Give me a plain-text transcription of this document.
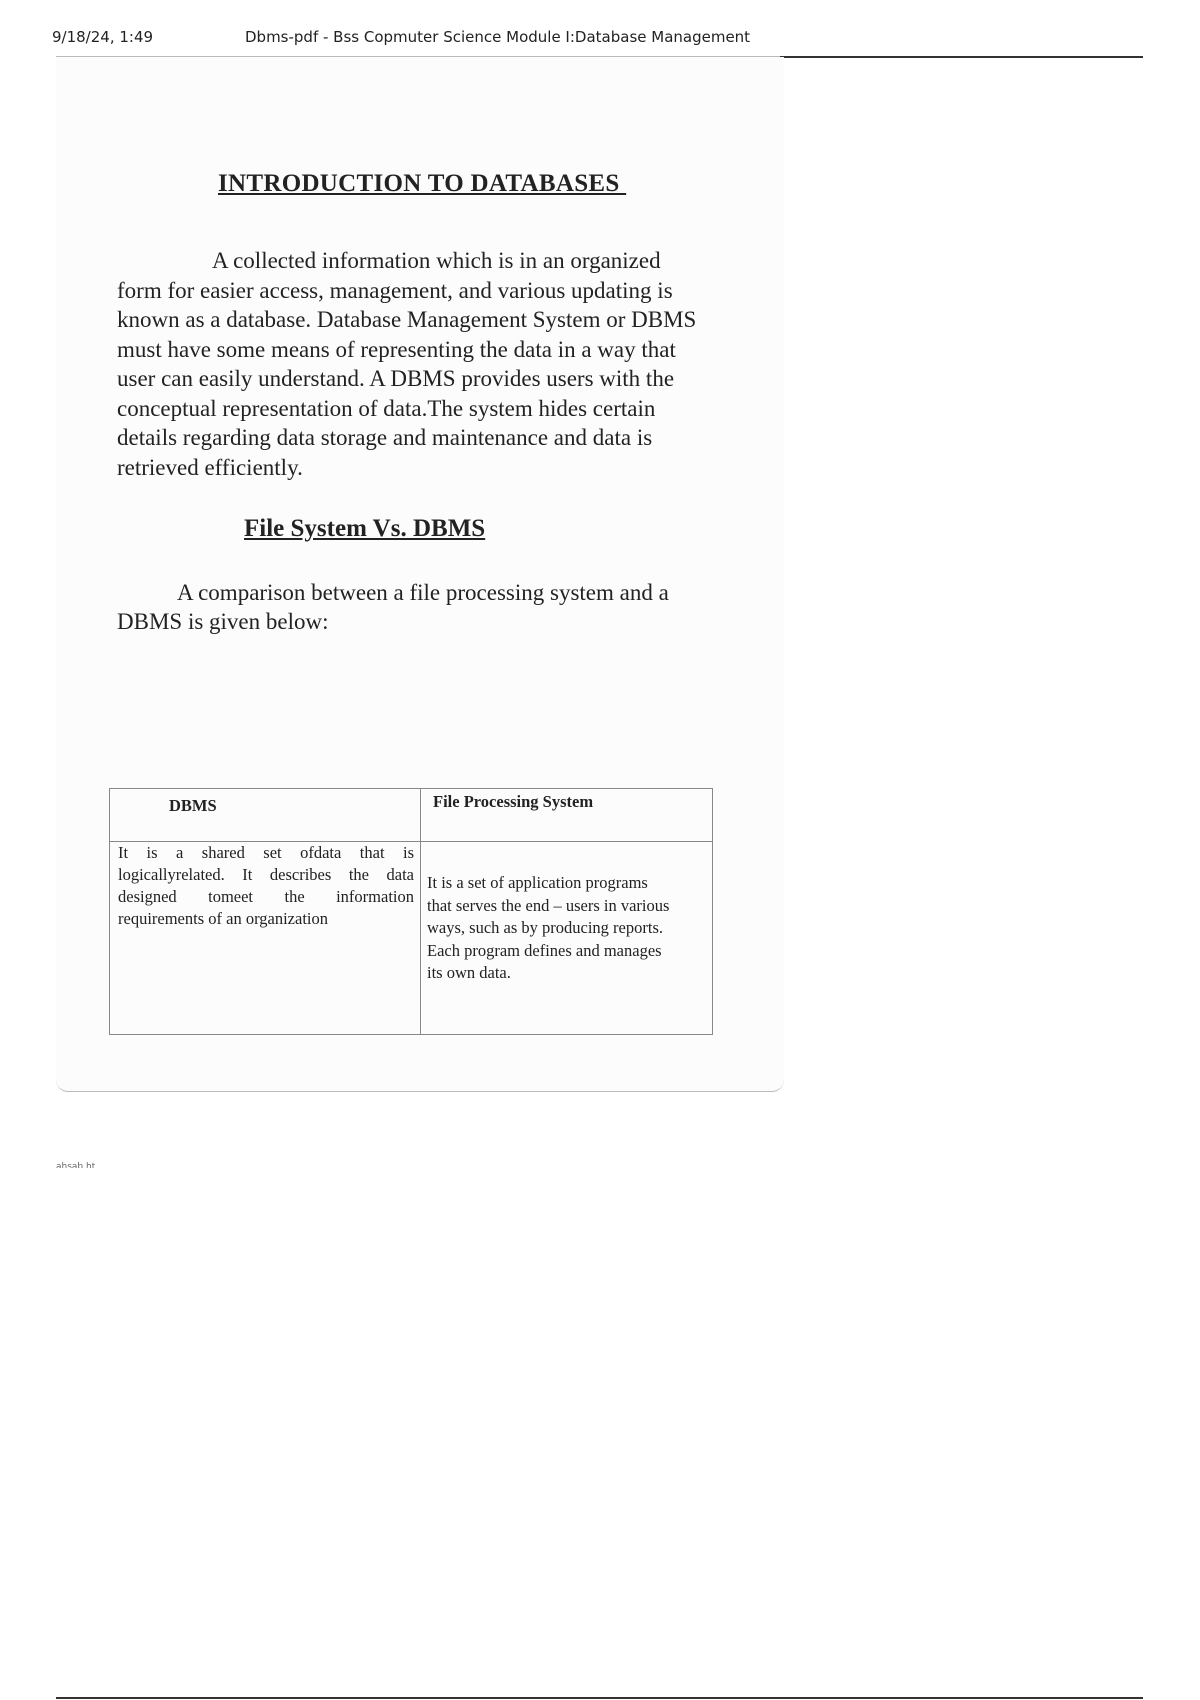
9/18/24, 1:49	Dbms-pdf - Bss Copmuter Science Module I:Database Management
INTRODUCTION TO DATABASES

A collected information which is in an organized form for easier access, management, and various updating is known as a database. Database Management System or DBMS must have some means of representing the data in a way that user can easily understand. A DBMS provides users with the conceptual representation of data.The system hides certain details regarding data storage and maintenance and data is retrieved efficiently.

File System Vs. DBMS

A comparison between a file processing system and a DBMS is given below:

DBMS	File Processing System

It is a shared set ofdata that is logicallyrelated. It describes the data designed tomeet the information requirements of an organization	It is a set of application programs that serves the end – users in various ways, such as by producing reports. Each program defines and manages its own data.
ahsab ht
